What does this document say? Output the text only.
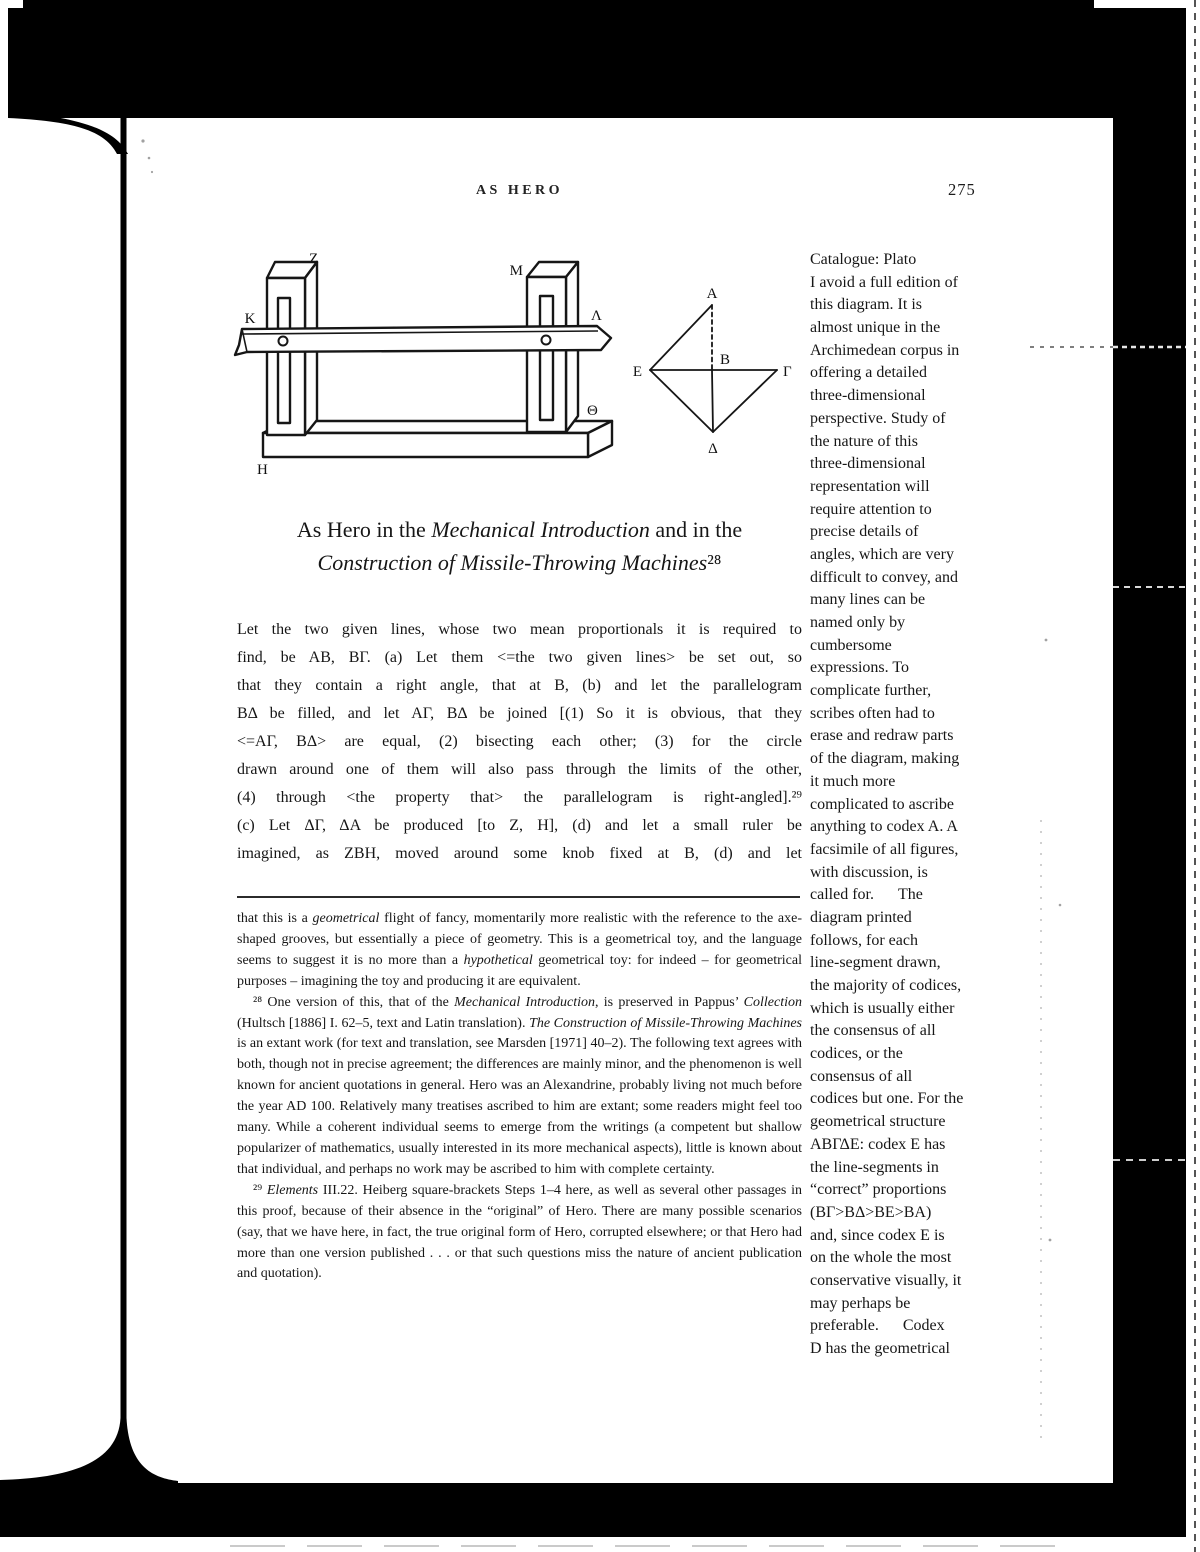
AS HERO	275
Z
M
K	Λ
Θ
H
A
B
E	Γ
Δ
As Hero in the Mechanical Introduction and in the
Construction of Missile-Throwing Machines²⁸
Let the two given lines, whose two mean proportionals it is required to
find, be AB, BΓ. (a) Let them <=the two given lines> be set out, so
that they contain a right angle, that at B, (b) and let the parallelogram
BΔ be filled, and let AΓ, BΔ be joined [(1) So it is obvious, that they
<=AΓ, BΔ> are equal, (2) bisecting each other; (3) for the circle
drawn around one of them will also pass through the limits of the other,
(4) through <the property that> the parallelogram is right-angled].²⁹
(c) Let ΔΓ, ΔA be produced [to Z, H], (d) and let a small ruler be
imagined, as ZBH, moved around some knob fixed at B, (d) and let

that this is a geometrical flight of fancy, momentarily more realistic with the reference to the axe-shaped grooves, but essentially a piece of geometry. This is a geometrical toy, and the language seems to suggest it is no more than a hypothetical geometrical toy: for indeed – for geometrical purposes – imagining the toy and producing it are equivalent.

²⁸ One version of this, that of the Mechanical Introduction, is preserved in Pappus’ Collection (Hultsch [1886] I. 62–5, text and Latin translation). The Construction of Missile-Throwing Machines is an extant work (for text and translation, see Marsden [1971] 40–2). The following text agrees with both, though not in precise agreement; the differences are mainly minor, and the phenomenon is well known for ancient quotations in general. Hero was an Alexandrine, probably living not much before the year AD 100. Relatively many treatises ascribed to him are extant; some readers might feel too many. While a coherent individual seems to emerge from the writings (a competent but shallow popularizer of mathematics, usually interested in its more mechanical aspects), little is known about that individual, and perhaps no work may be ascribed to him with complete certainty.

²⁹ Elements III.22. Heiberg square-brackets Steps 1–4 here, as well as several other passages in this proof, because of their absence in the “original” of Hero. There are many possible scenarios (say, that we have here, in fact, the true original form of Hero, corrupted elsewhere; or that Hero had more than one version published . . . or that such questions miss the nature of ancient publication and quotation).

Catalogue: Plato
I avoid a full edition of
this diagram. It is
almost unique in the
Archimedean corpus in
offering a detailed
three-dimensional
perspective. Study of
the nature of this
three-dimensional
representation will
require attention to
precise details of
angles, which are very
difficult to convey, and
many lines can be
named only by
cumbersome
expressions. To
complicate further,
scribes often had to
erase and redraw parts
of the diagram, making
it much more
complicated to ascribe
anything to codex A. A
facsimile of all figures,
with discussion, is
called for.      The
diagram printed
follows, for each
line-segment drawn,
the majority of codices,
which is usually either
the consensus of all
codices, or the
consensus of all
codices but one. For the
geometrical structure
ABΓΔE: codex E has
the line-segments in
“correct” proportions
(BΓ>BΔ>BE>BA)
and, since codex E is
on the whole the most
conservative visually, it
may perhaps be
preferable.      Codex
D has the geometrical
